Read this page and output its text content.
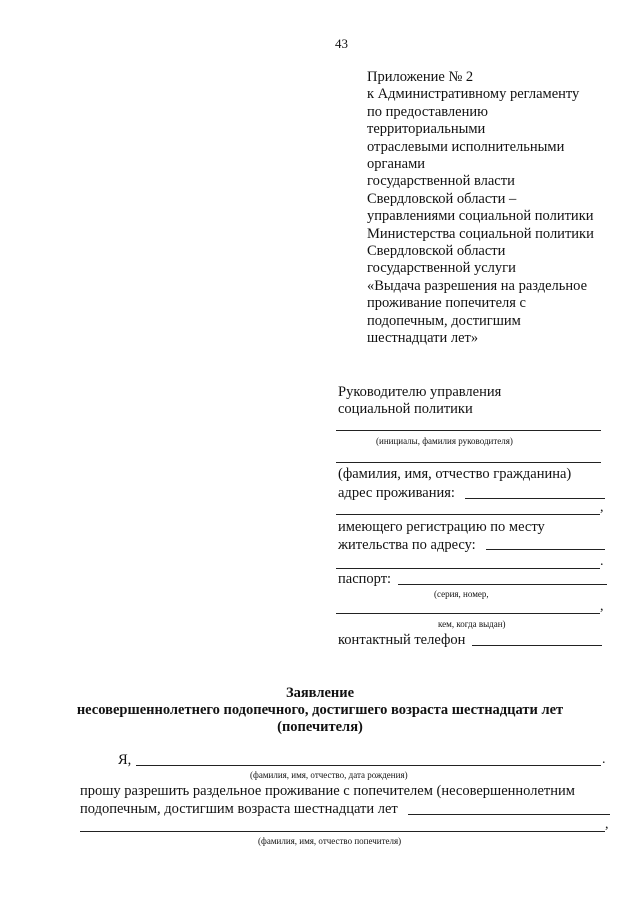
43
Приложение № 2
к Административному регламенту
по предоставлению
территориальными
отраслевыми исполнительными
органами
государственной власти
Свердловской области –
управлениями социальной политики
Министерства социальной политики
Свердловской области
государственной услуги
«Выдача разрешения на раздельное
проживание попечителя с
подопечным, достигшим
шестнадцати лет»
Руководителю управления
социальной политики
(инициалы, фамилия руководителя)
(фамилия, имя, отчество гражданина)
адрес проживания:
,
имеющего регистрацию по месту
жительства по адресу:
.
паспорт:
(серия, номер,
,
кем, когда выдан)
контактный телефон
Заявление
несовершеннолетнего подопечного, достигшего возраста шестнадцати лет
(попечителя)
Я,	.
(фамилия, имя, отчество, дата рождения)
прошу разрешить раздельное проживание с попечителем (несовершеннолетним
подопечным, достигшим возраста шестнадцати лет
,
(фамилия, имя, отчество попечителя)
